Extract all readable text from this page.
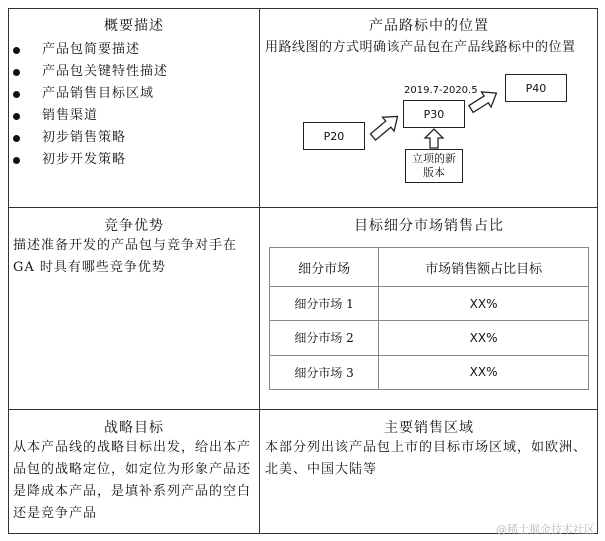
概要描述
产品包简要描述
产品包关键特性描述
产品销售目标区域
销售渠道
初步销售策略
初步开发策略
产品路标中的位置
用路线图的方式明确该产品包在产品线路标中的位置
2019.7-2020.5
P20
P30
P40
立项的新
版本
竞争优势
描述准备开发的产品包与竞争对手在GA 时具有哪些竞争优势
目标细分市场销售占比
细分市场	市场销售额占比目标
细分市场 1	XX%
细分市场 2	XX%
细分市场 3	XX%
战略目标
从本产品线的战略目标出发，给出本产品包的战略定位，如定位为形象产品还是降成本产品，是填补系列产品的空白还是竞争产品
主要销售区域
本部分列出该产品包上市的目标市场区域，如欧洲、北美、中国大陆等
@稀土掘金技术社区
